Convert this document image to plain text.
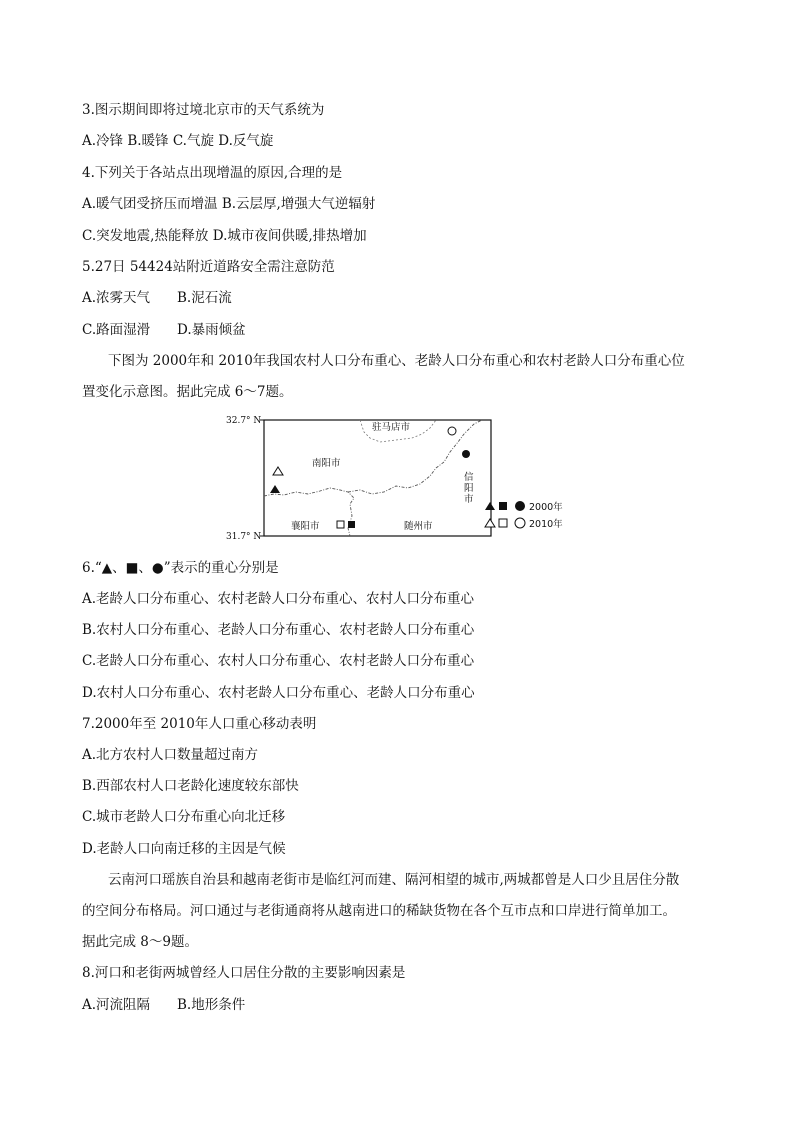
3.图示期间即将过境北京市的天气系统为
A.冷锋 B.暖锋 C.气旋 D.反气旋
4.下列关于各站点出现增温的原因,合理的是
A.暖气团受挤压而增温 B.云层厚,增强大气逆辐射
C.突发地震,热能释放 D.城市夜间供暖,排热增加
5.27日 54424站附近道路安全需注意防范
A.浓雾天气 B.泥石流
C.路面湿滑 D.暴雨倾盆
下图为 2000年和 2010年我国农村人口分布重心、老龄人口分布重心和农村老龄人口分布重心位
置变化示意图。据此完成 6～7题。
32.7° N
31.7° N
驻马店市
南阳市
信
阳
市
襄阳市	随州市
2000年
2010年
6.“▲、■、●”表示的重心分别是
A.老龄人口分布重心、农村老龄人口分布重心、农村人口分布重心
B.农村人口分布重心、老龄人口分布重心、农村老龄人口分布重心
C.老龄人口分布重心、农村人口分布重心、农村老龄人口分布重心
D.农村人口分布重心、农村老龄人口分布重心、老龄人口分布重心
7.2000年至 2010年人口重心移动表明
A.北方农村人口数量超过南方
B.西部农村人口老龄化速度较东部快
C.城市老龄人口分布重心向北迁移
D.老龄人口向南迁移的主因是气候
云南河口瑶族自治县和越南老街市是临红河而建、隔河相望的城市,两城都曾是人口少且居住分散
的空间分布格局。河口通过与老街通商将从越南进口的稀缺货物在各个互市点和口岸进行简单加工。
据此完成 8～9题。
8.河口和老街两城曾经人口居住分散的主要影响因素是
A.河流阻隔 B.地形条件
